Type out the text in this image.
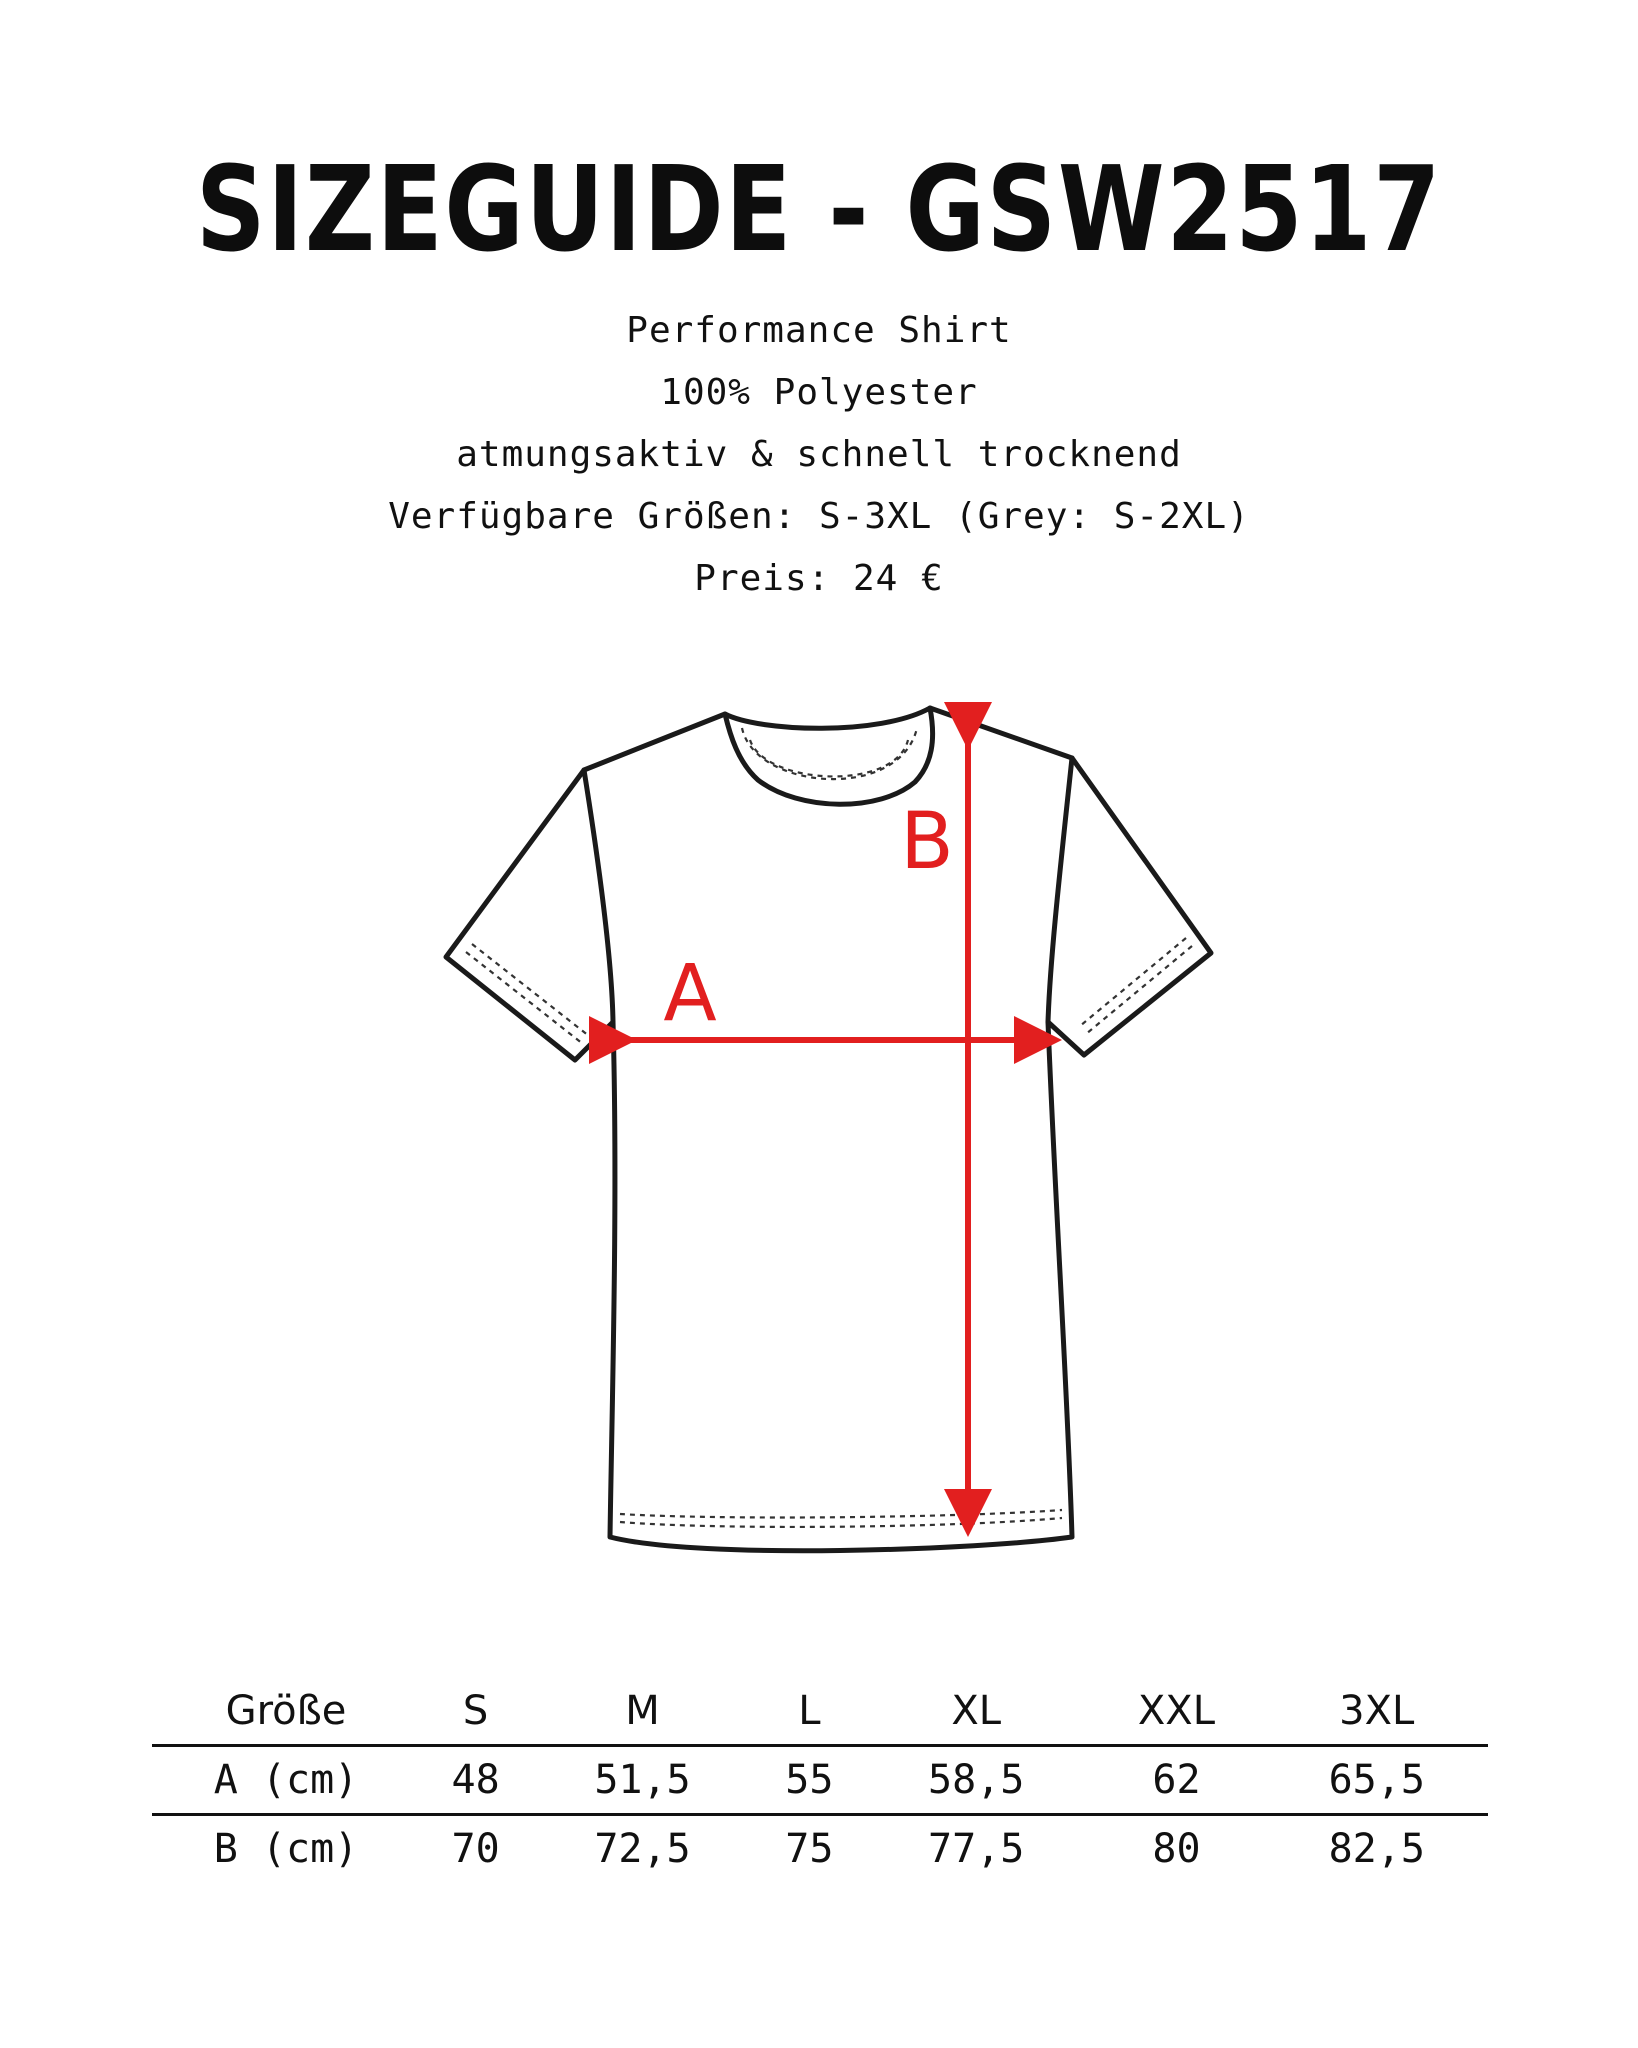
SIZEGUIDE - GSW2517
Performance Shirt
100% Polyester
atmungsaktiv & schnell trocknend
Verfügbare Größen: S-3XL (Grey: S-2XL)
Preis: 24 €
A
B
Größe	S	M	L	XL	XXL	3XL
A (cm)	48	51,5	55	58,5	62	65,5
B (cm)	70	72,5	75	77,5	80	82,5
